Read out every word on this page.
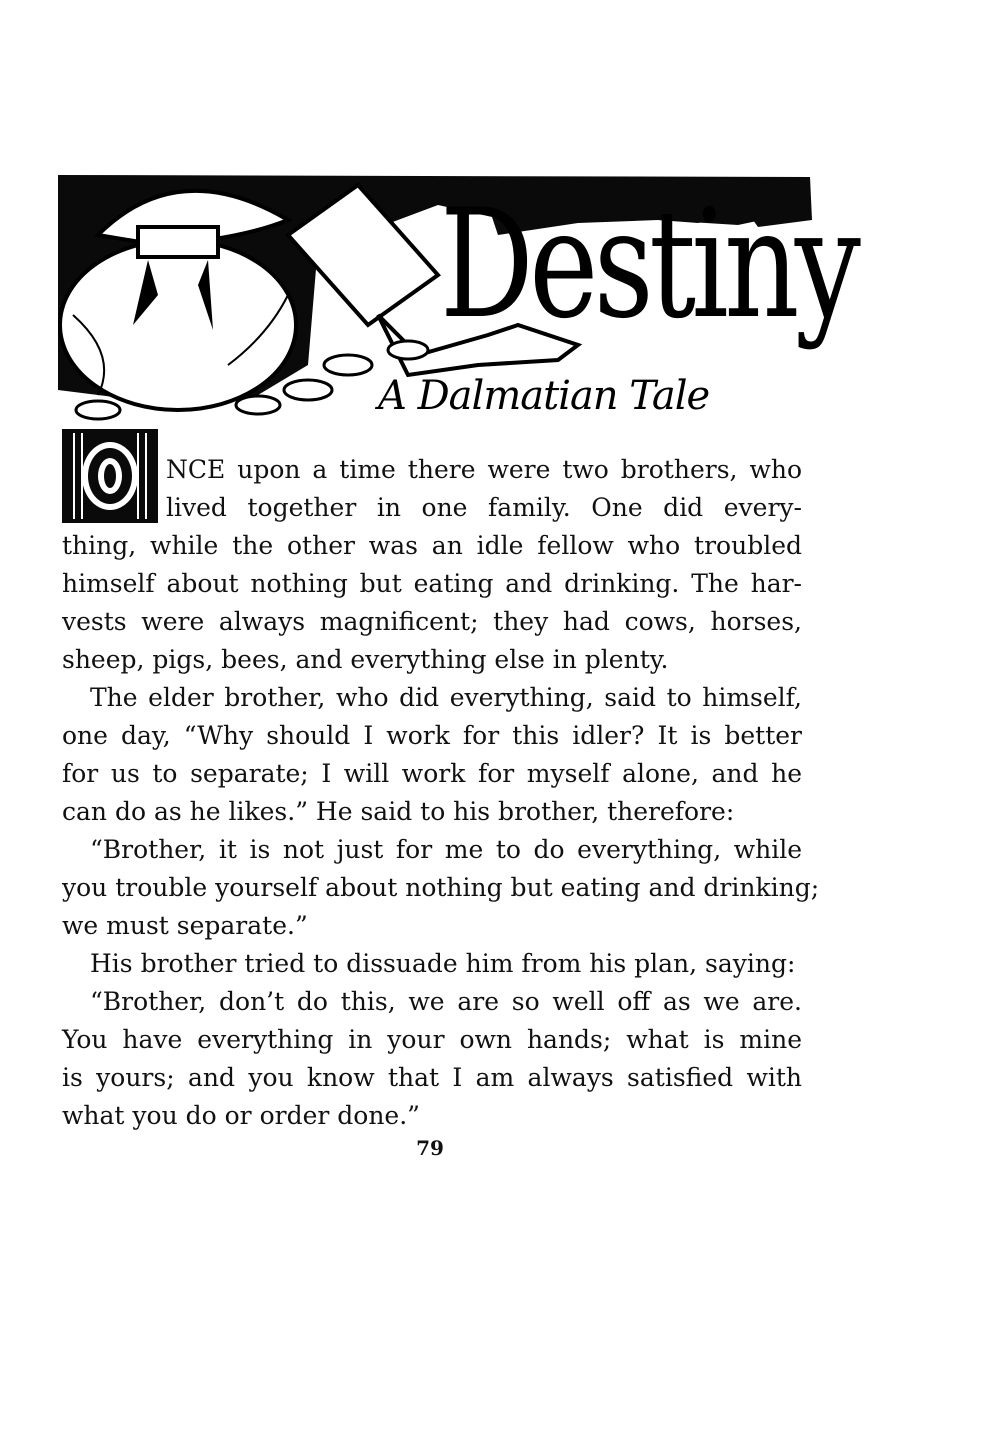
Destiny
A Dalmatian Tale
NCE upon a time there were two brothers, who
lived together in one family. One did every-
thing, while the other was an idle fellow who troubled
himself about nothing but eating and drinking. The har-
vests were always magnificent; they had cows, horses,
sheep, pigs, bees, and everything else in plenty.
The elder brother, who did everything, said to himself,
one day, “Why should I work for this idler? It is better
for us to separate; I will work for myself alone, and he
can do as he likes.” He said to his brother, therefore:
“Brother, it is not just for me to do everything, while
you trouble yourself about nothing but eating and drinking;
we must separate.”
His brother tried to dissuade him from his plan, saying:
“Brother, don’t do this, we are so well off as we are.
You have everything in your own hands; what is mine
is yours; and you know that I am always satisfied with
what you do or order done.”
79
